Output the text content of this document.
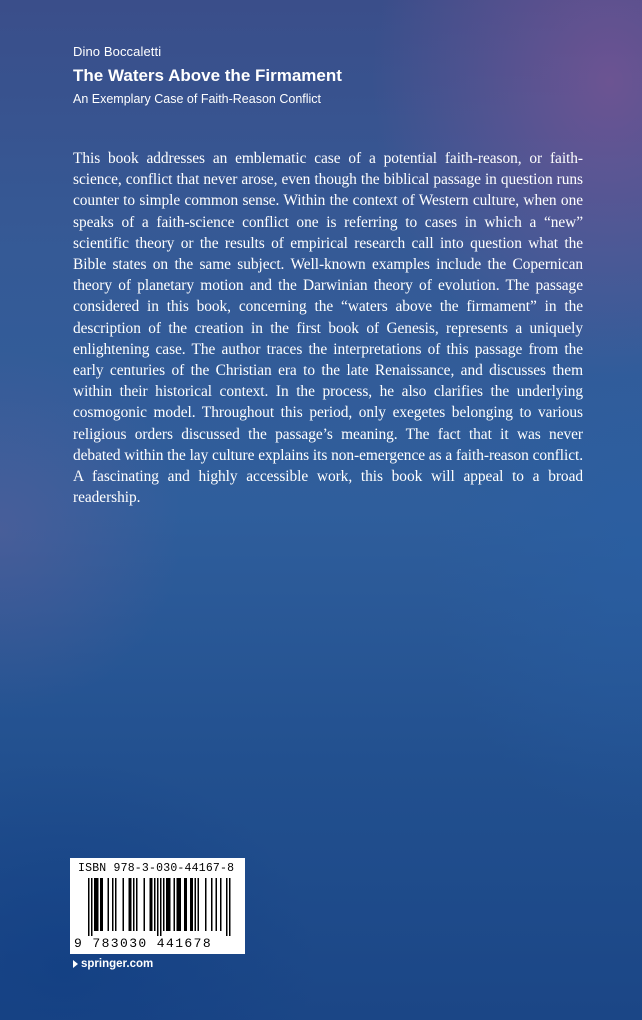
Dino Boccaletti
The Waters Above the Firmament
An Exemplary Case of Faith-Reason Conflict

This book addresses an emblematic case of a potential faith-reason, or faith-science, conflict that never arose, even though the biblical passage in question runs counter to simple common sense. Within the context of Western culture, when one speaks of a faith-science conflict one is referring to cases in which a “new” scientific theory or the results of empirical research call into question what the Bible states on the same subject. Well-known examples include the Copernican theory of planetary motion and the Darwinian theory of evolution. The passage considered in this book, concerning the “waters above the firmament” in the description of the creation in the first book of Genesis, represents a uniquely enlightening case. The author traces the interpretations of this passage from the early centuries of the Christian era to the late Renaissance, and discusses them within their historical context. In the process, he also clarifies the underlying cosmogonic model. Throughout this period, only exegetes belonging to various religious orders discussed the passage’s meaning. The fact that it was never debated within the lay culture explains its non-emergence as a faith-reason conflict. A fascinating and highly accessible work, this book will appeal to a broad readership.

ISBN 978-3-030-44167-8
9 783030 441678
springer.com
